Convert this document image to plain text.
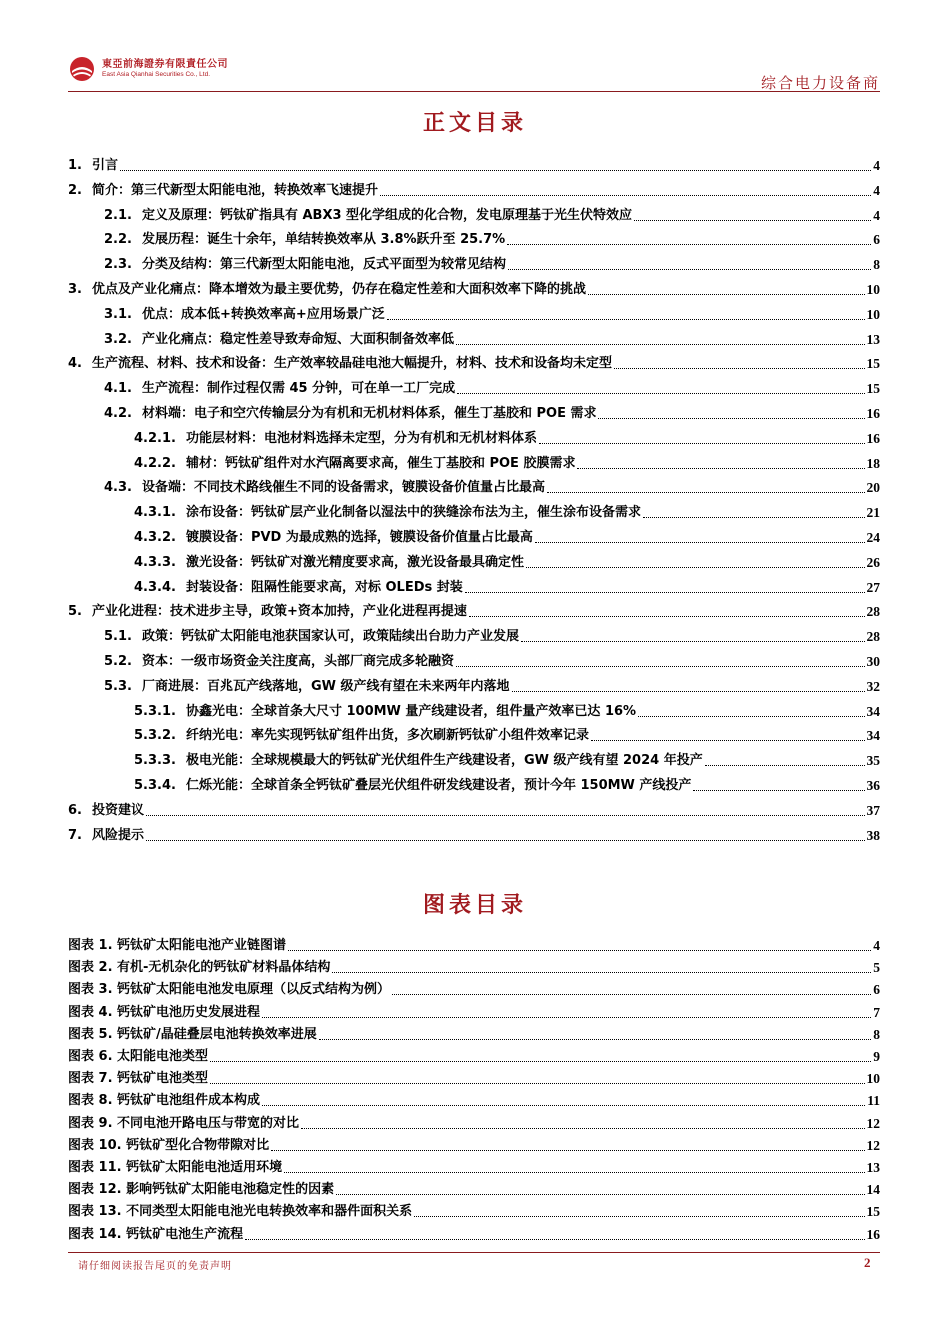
東亞前海證券有限責任公司
East Asia Qianhai Securities Co., Ltd.	综合电力设备商
正文目录
1. 引言	4
2. 简介：第三代新型太阳能电池，转换效率飞速提升	4
2.1. 定义及原理：钙钛矿指具有 ABX3 型化学组成的化合物，发电原理基于光生伏特效应	4
2.2. 发展历程：诞生十余年，单结转换效率从 3.8%跃升至 25.7%	6
2.3. 分类及结构：第三代新型太阳能电池，反式平面型为较常见结构	8
3. 优点及产业化痛点：降本增效为最主要优势，仍存在稳定性差和大面积效率下降的挑战	10
3.1. 优点：成本低+转换效率高+应用场景广泛	10
3.2. 产业化痛点：稳定性差导致寿命短、大面积制备效率低	13
4. 生产流程、材料、技术和设备：生产效率较晶硅电池大幅提升，材料、技术和设备均未定型	15
4.1. 生产流程：制作过程仅需 45 分钟，可在单一工厂完成	15
4.2. 材料端：电子和空穴传输层分为有机和无机材料体系，催生丁基胶和 POE 需求	16
4.2.1. 功能层材料：电池材料选择未定型，分为有机和无机材料体系	16
4.2.2. 辅材：钙钛矿组件对水汽隔离要求高，催生丁基胶和 POE 胶膜需求	18
4.3. 设备端：不同技术路线催生不同的设备需求，镀膜设备价值量占比最高	20
4.3.1. 涂布设备：钙钛矿层产业化制备以湿法中的狭缝涂布法为主，催生涂布设备需求	21
4.3.2. 镀膜设备：PVD 为最成熟的选择，镀膜设备价值量占比最高	24
4.3.3. 激光设备：钙钛矿对激光精度要求高，激光设备最具确定性	26
4.3.4. 封装设备：阻隔性能要求高，对标 OLEDs 封装	27
5. 产业化进程：技术进步主导，政策+资本加持，产业化进程再提速	28
5.1. 政策：钙钛矿太阳能电池获国家认可，政策陆续出台助力产业发展	28
5.2. 资本：一级市场资金关注度高，头部厂商完成多轮融资	30
5.3. 厂商进展：百兆瓦产线落地，GW 级产线有望在未来两年内落地	32
5.3.1. 协鑫光电：全球首条大尺寸 100MW 量产线建设者，组件量产效率已达 16%	34
5.3.2. 纤纳光电：率先实现钙钛矿组件出货，多次刷新钙钛矿小组件效率记录	34
5.3.3. 极电光能：全球规模最大的钙钛矿光伏组件生产线建设者，GW 级产线有望 2024 年投产	35
5.3.4. 仁烁光能：全球首条全钙钛矿叠层光伏组件研发线建设者，预计今年 150MW 产线投产	36
6. 投资建议	37
7. 风险提示	38
图表目录
图表 1. 钙钛矿太阳能电池产业链图谱	4
图表 2. 有机-无机杂化的钙钛矿材料晶体结构	5
图表 3. 钙钛矿太阳能电池发电原理（以反式结构为例）	6
图表 4. 钙钛矿电池历史发展进程	7
图表 5. 钙钛矿/晶硅叠层电池转换效率进展	8
图表 6. 太阳能电池类型	9
图表 7. 钙钛矿电池类型	10
图表 8. 钙钛矿电池组件成本构成	11
图表 9. 不同电池开路电压与带宽的对比	12
图表 10. 钙钛矿型化合物带隙对比	12
图表 11. 钙钛矿太阳能电池适用环境	13
图表 12. 影响钙钛矿太阳能电池稳定性的因素	14
图表 13. 不同类型太阳能电池光电转换效率和器件面积关系	15
图表 14. 钙钛矿电池生产流程	16
请仔细阅读报告尾页的免责声明	2
